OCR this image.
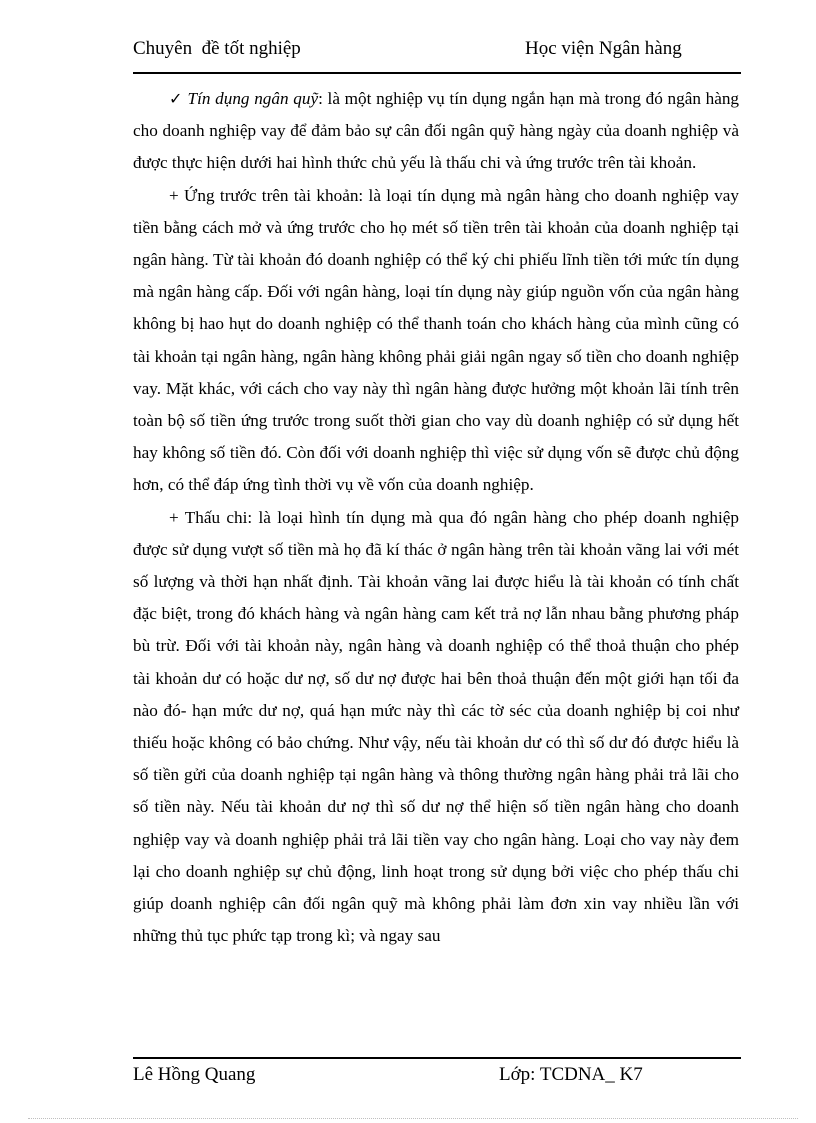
Chuyên  đề tốt nghiệp	Học viện Ngân hàng

✓ Tín dụng ngân quỹ: là một nghiệp vụ tín dụng ngắn hạn mà trong đó ngân hàng cho doanh nghiệp vay để đảm bảo sự cân đối ngân quỹ hàng ngày của doanh nghiệp và được thực hiện dưới hai hình thức chủ yếu là thấu chi và ứng trước trên tài khoản.

+ Ứng trước trên tài khoản: là loại tín dụng mà ngân hàng cho doanh nghiệp vay tiền bằng cách mở và ứng trước cho họ mét số tiền trên tài khoản của doanh nghiệp tại ngân hàng. Từ tài khoản đó doanh nghiệp có thể ký chi phiếu lĩnh tiền tới mức tín dụng mà ngân hàng cấp. Đối với ngân hàng, loại tín dụng này giúp nguồn vốn của ngân hàng không bị hao hụt do doanh nghiệp có thể thanh toán cho khách hàng của mình cũng có tài khoản tại ngân hàng, ngân hàng không phải giải ngân ngay số tiền cho doanh nghiệp vay. Mặt khác, với cách cho vay này thì ngân hàng được hưởng một khoản lãi tính trên toàn bộ số tiền ứng trước trong suốt thời gian cho vay dù doanh nghiệp có sử dụng hết hay không số tiền đó. Còn đối với doanh nghiệp thì việc sử dụng vốn sẽ được chủ động hơn, có thể đáp ứng tình thời vụ về vốn của doanh nghiệp.

+ Thấu chi: là loại hình tín dụng mà qua đó ngân hàng cho phép doanh nghiệp được sử dụng vượt số tiền mà họ đã kí thác ở ngân hàng trên tài khoản vãng lai với mét số lượng và thời hạn nhất định. Tài khoản vãng lai được hiểu là tài khoản có tính chất đặc biệt, trong đó khách hàng và ngân hàng cam kết trả nợ lẫn nhau bằng phương pháp bù trừ. Đối với tài khoản này, ngân hàng và doanh nghiệp có thể thoả thuận cho phép tài khoản dư có hoặc dư nợ, số dư nợ được hai bên thoả thuận đến một giới hạn tối đa nào đó- hạn mức dư nợ, quá hạn mức này thì các tờ séc của doanh nghiệp bị coi như thiếu hoặc không có bảo chứng. Như vậy, nếu tài khoản dư có thì số dư đó được hiểu là số tiền gửi của doanh nghiệp tại ngân hàng và thông thường ngân hàng phải trả lãi cho số tiền này. Nếu tài khoản dư nợ thì số dư nợ thể hiện số tiền ngân hàng cho doanh nghiệp vay và doanh nghiệp phải trả lãi tiền vay cho ngân hàng. Loại cho vay này đem lại cho doanh nghiệp sự chủ động, linh hoạt trong sử dụng bởi việc cho phép thấu chi giúp doanh nghiệp cân đối ngân quỹ mà không phải làm đơn xin vay nhiều lần với những thủ tục phức tạp trong kì; và ngay sau

Lê Hồng Quang	Lớp: TCDNA_ K7
